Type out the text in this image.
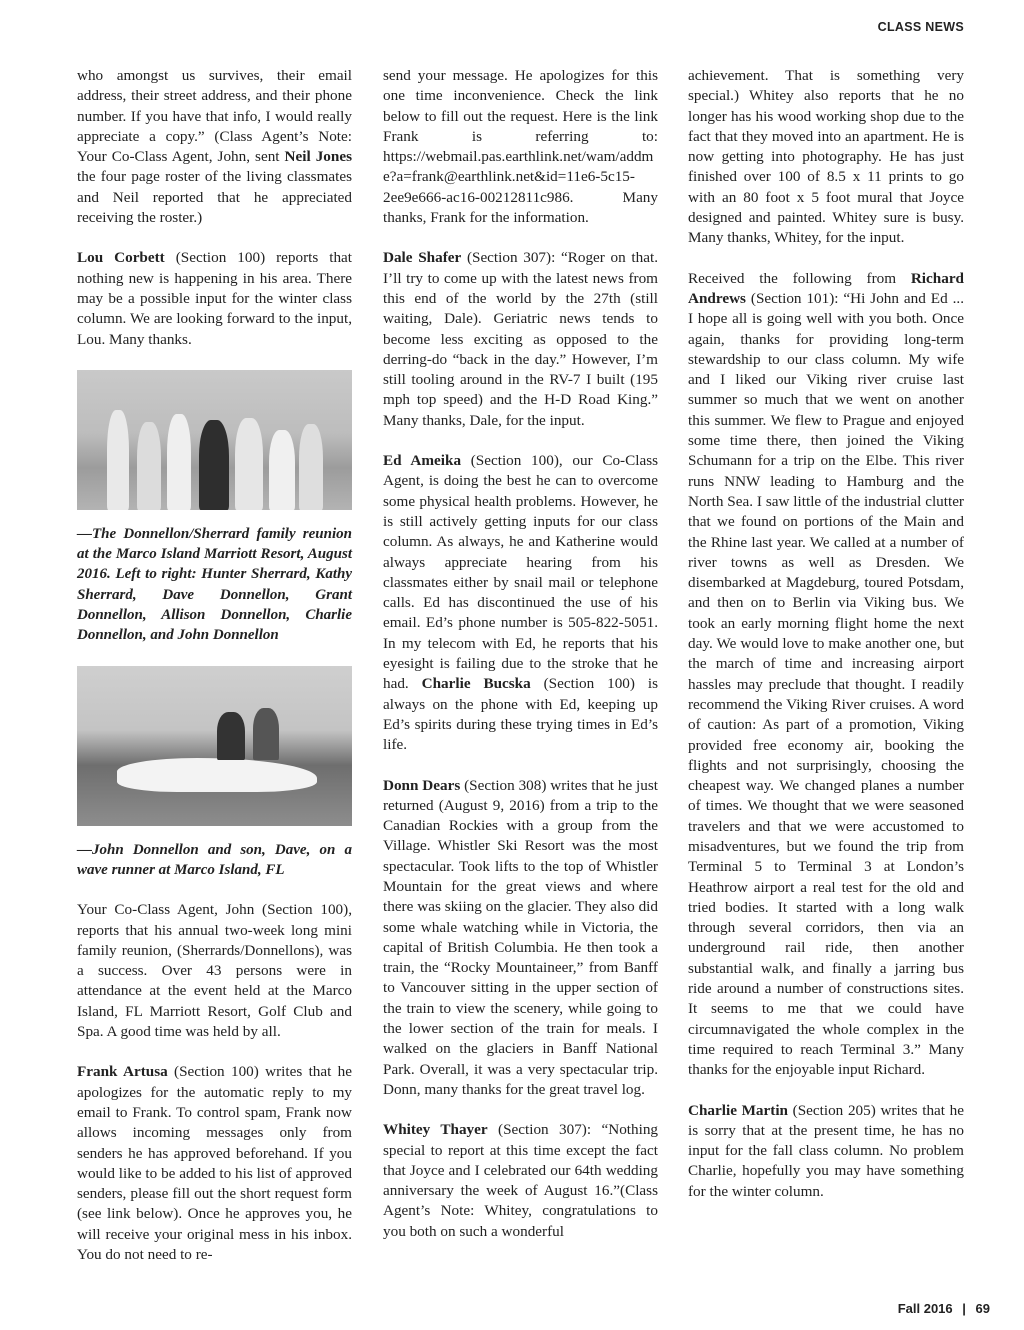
CLASS NEWS

who amongst us survives, their email address, their street address, and their phone number. If you have that info, I would really appreciate a copy.” (Class Agent’s Note: Your Co-Class Agent, John, sent Neil Jones the four page roster of the living classmates and Neil reported that he appreciated receiving the roster.)

Lou Corbett (Section 100) reports that nothing new is happening in his area. There may be a possible input for the winter class column. We are looking forward to the input, Lou. Many thanks.

—The Donnellon/Sherrard family reunion at the Marco Island Marriott Resort, August 2016. Left to right: Hunter Sherrard, Kathy Sherrard, Dave Donnellon, Grant Donnellon, Allison Donnellon, Charlie Donnellon, and John Donnellon
—John Donnellon and son, Dave, on a wave runner at Marco Island, FL

Your Co-Class Agent, John (Section 100), reports that his annual two-week long mini family reunion, (Sherrards/Donnellons), was a success. Over 43 persons were in attendance at the event held at the Marco Island, FL Marriott Resort, Golf Club and Spa. A good time was held by all.

Frank Artusa (Section 100) writes that he apologizes for the automatic reply to my email to Frank. To control spam, Frank now allows incoming messages only from senders he has approved beforehand. If you would like to be added to his list of approved senders, please fill out the short request form (see link below). Once he approves you, he will receive your original mess in his inbox. You do not need to re-

send your message. He apologizes for this one time inconvenience. Check the link below to fill out the request. Here is the link Frank is referring to: https://webmail.pas.earthlink.net/wam/addme?a=frank@earthlink.net&id=11e6-5c15-2ee9e666-ac16-00212811c986. Many thanks, Frank for the information.

Dale Shafer (Section 307): “Roger on that. I’ll try to come up with the latest news from this end of the world by the 27th (still waiting, Dale). Geriatric news tends to become less exciting as opposed to the derring-do “back in the day.” However, I’m still tooling around in the RV-7 I built (195 mph top speed) and the H-D Road King.” Many thanks, Dale, for the input.

Ed Ameika (Section 100), our Co-Class Agent, is doing the best he can to overcome some physical health problems. However, he is still actively getting inputs for our class column. As always, he and Katherine would always appreciate hearing from his classmates either by snail mail or telephone calls. Ed has discontinued the use of his email. Ed’s phone number is 505-822-5051. In my telecom with Ed, he reports that his eyesight is failing due to the stroke that he had. Charlie Bucska (Section 100) is always on the phone with Ed, keeping up Ed’s spirits during these trying times in Ed’s life.

Donn Dears (Section 308) writes that he just returned (August 9, 2016) from a trip to the Canadian Rockies with a group from the Village. Whistler Ski Resort was the most spectacular. Took lifts to the top of Whistler Mountain for the great views and where there was skiing on the glacier. They also did some whale watching while in Victoria, the capital of British Columbia. He then took a train, the “Rocky Mountaineer,” from Banff to Vancouver sitting in the upper section of the train to view the scenery, while going to the lower section of the train for meals. I walked on the glaciers in Banff National Park. Overall, it was a very spectacular trip. Donn, many thanks for the great travel log.

Whitey Thayer (Section 307): “Nothing special to report at this time except the fact that Joyce and I celebrated our 64th wedding anniversary the week of August 16.”(Class Agent’s Note: Whitey, congratulations to you both on such a wonderful

achievement. That is something very special.) Whitey also reports that he no longer has his wood working shop due to the fact that they moved into an apartment. He is now getting into photography. He has just finished over 100 of 8.5 x 11 prints to go with an 80 foot x 5 foot mural that Joyce designed and painted. Whitey sure is busy. Many thanks, Whitey, for the input.

Received the following from Richard Andrews (Section 101): “Hi John and Ed ... I hope all is going well with you both. Once again, thanks for providing long-term stewardship to our class column. My wife and I liked our Viking river cruise last summer so much that we went on another this summer. We flew to Prague and enjoyed some time there, then joined the Viking Schumann for a trip on the Elbe. This river runs NNW leading to Hamburg and the North Sea. I saw little of the industrial clutter that we found on portions of the Main and the Rhine last year. We called at a number of river towns as well as Dresden. We disembarked at Magdeburg, toured Potsdam, and then on to Berlin via Viking bus. We took an early morning flight home the next day. We would love to make another one, but the march of time and increasing airport hassles may preclude that thought. I readily recommend the Viking River cruises. A word of caution: As part of a promotion, Viking provided free economy air, booking the flights and not surprisingly, choosing the cheapest way. We changed planes a number of times. We thought that we were seasoned travelers and that we were accustomed to misadventures, but we found the trip from Terminal 5 to Terminal 3 at London’s Heathrow airport a real test for the old and tried bodies. It started with a long walk through several corridors, then via an underground rail ride, then another substantial walk, and finally a jarring bus ride around a number of constructions sites. It seems to me that we could have circumnavigated the whole complex in the time required to reach Terminal 3.” Many thanks for the enjoyable input Richard.

Charlie Martin (Section 205) writes that he is sorry that at the present time, he has no input for the fall class column. No problem Charlie, hopefully you may have something for the winter column.

Fall 2016 | 69
